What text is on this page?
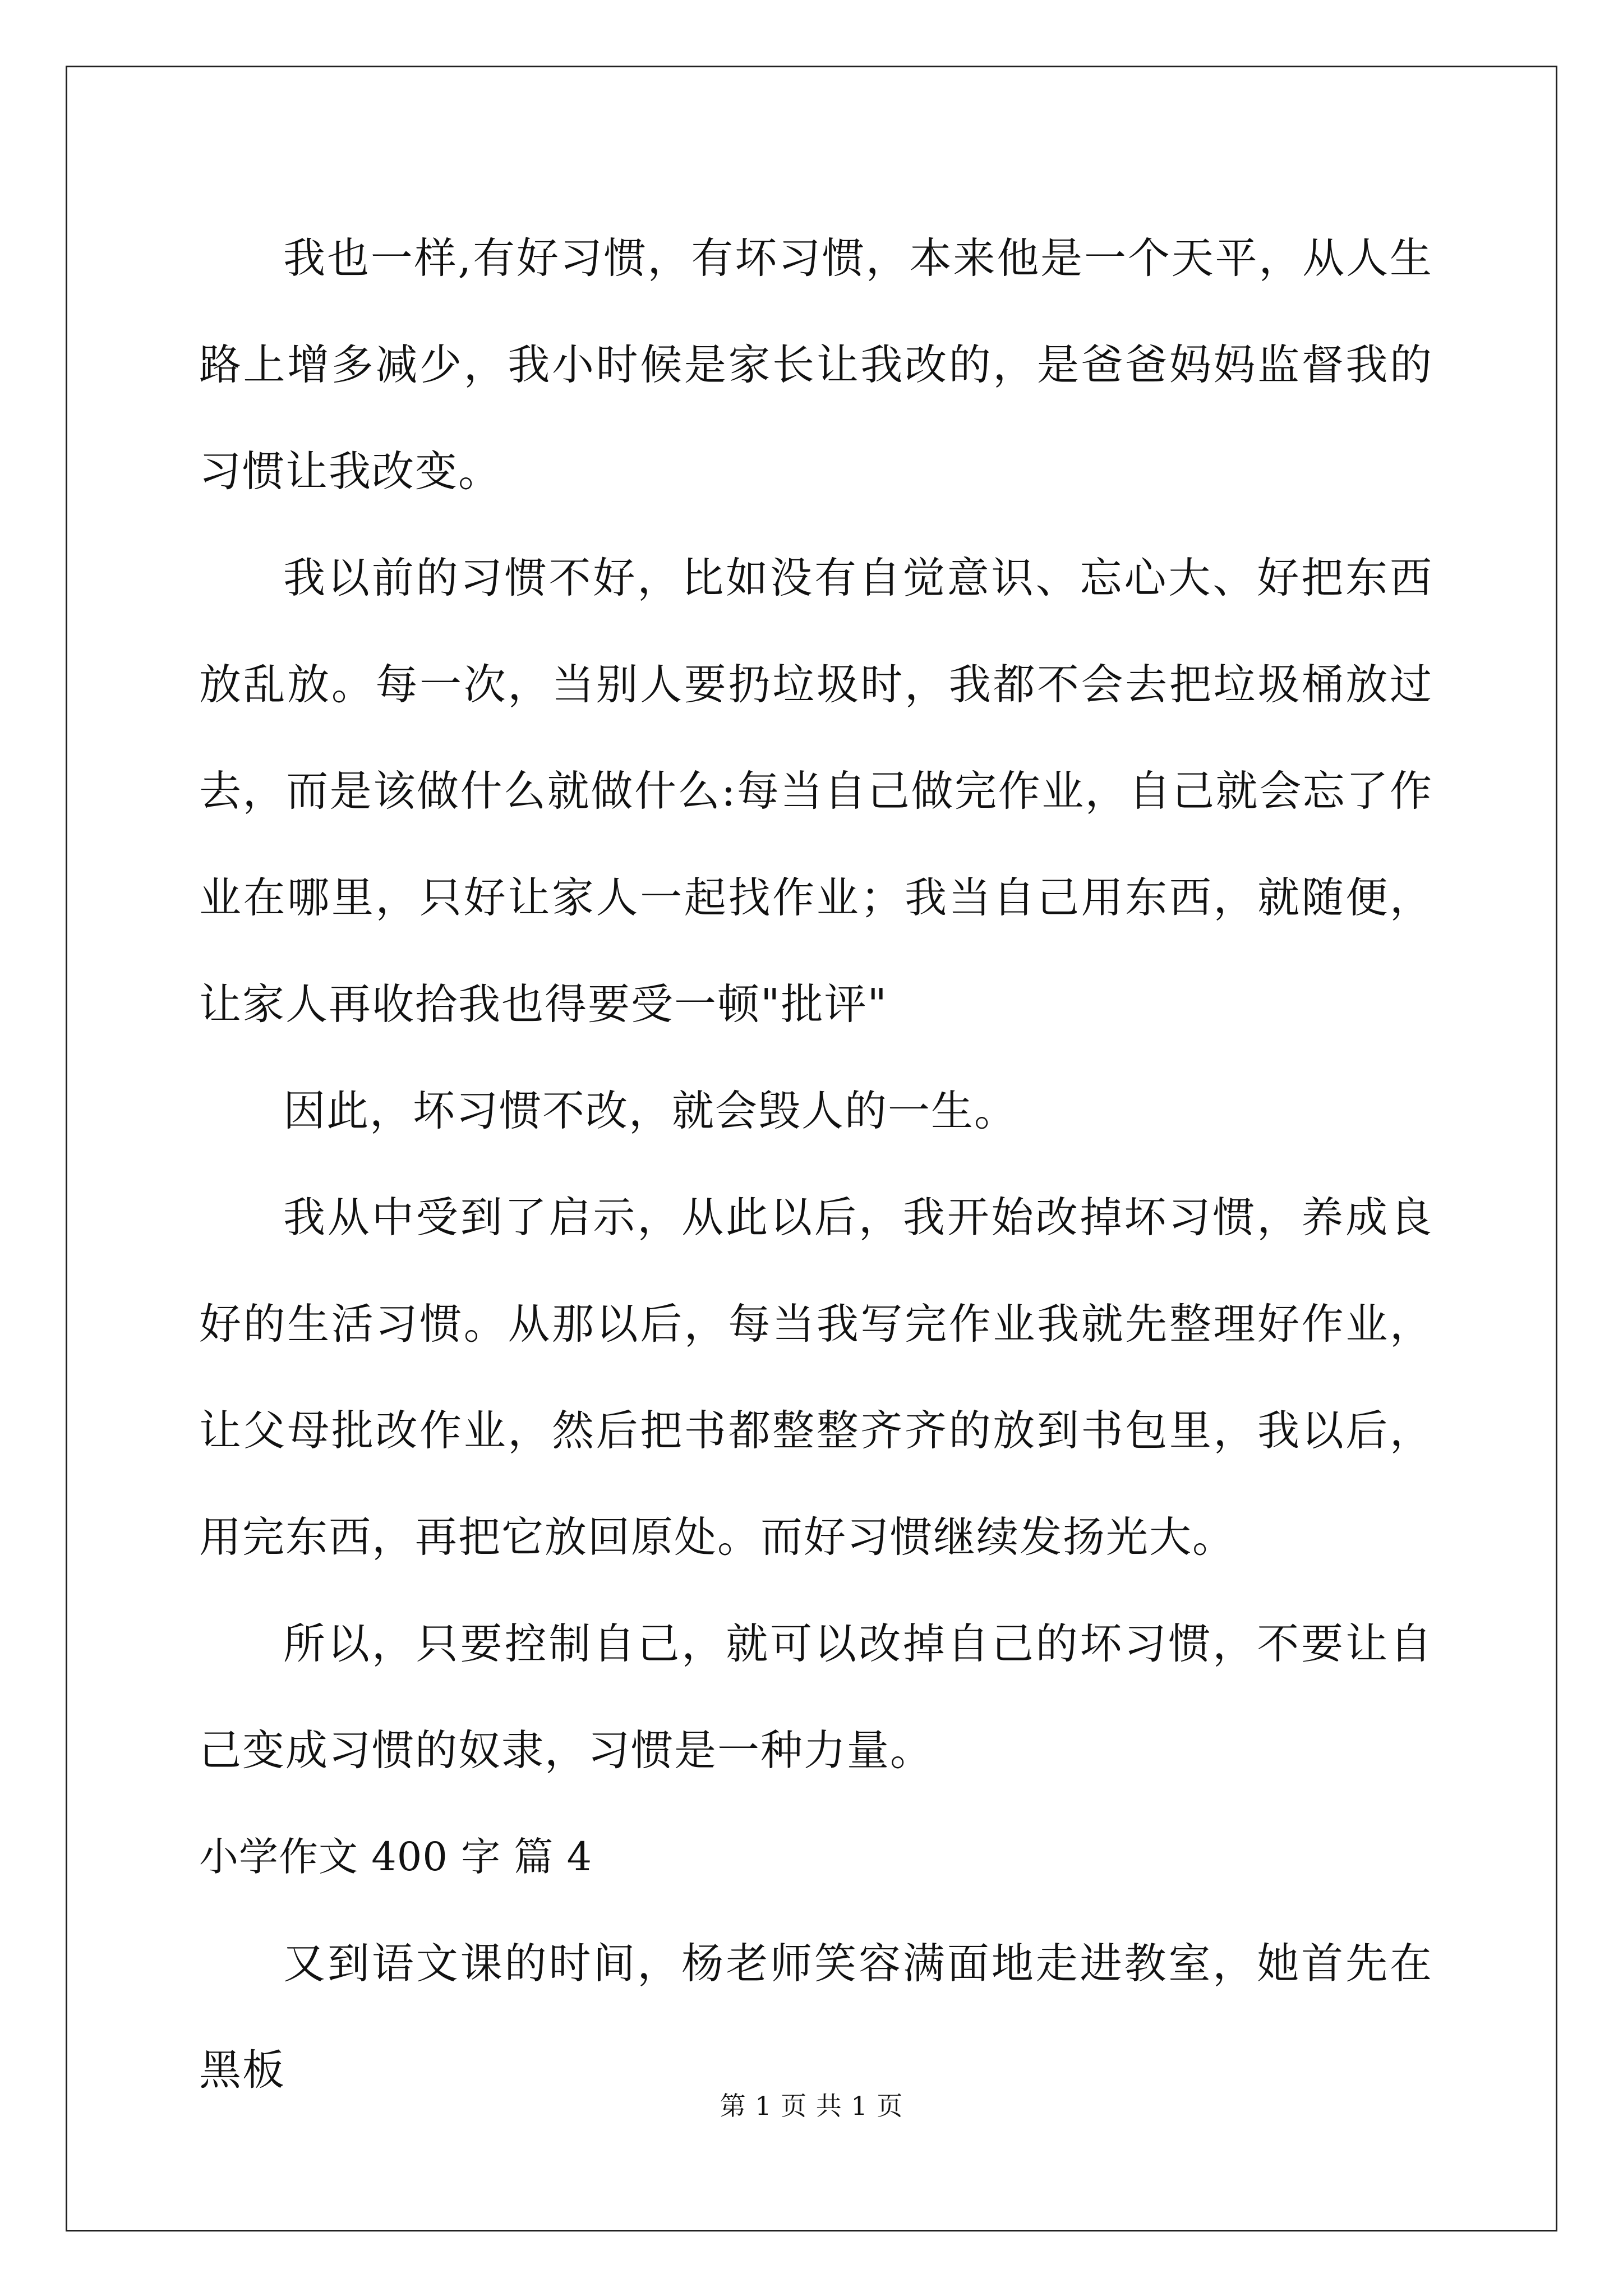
我也一样,有好习惯，有坏习惯，本来他是一个天平，从人生路上增多减少，我小时候是家长让我改的，是爸爸妈妈监督我的习惯让我改变。

我以前的习惯不好，比如没有自觉意识、忘心大、好把东西放乱放。每一次，当别人要扔垃圾时，我都不会去把垃圾桶放过去，而是该做什么就做什么:每当自己做完作业，自己就会忘了作业在哪里，只好让家人一起找作业；我当自己用东西，就随便，让家人再收拾我也得要受一顿"批评"

因此，坏习惯不改，就会毁人的一生。

我从中受到了启示，从此以后，我开始改掉坏习惯，养成良好的生活习惯。从那以后，每当我写完作业我就先整理好作业，让父母批改作业，然后把书都整整齐齐的放到书包里，我以后，用完东西，再把它放回原处。而好习惯继续发扬光大。

所以，只要控制自己，就可以改掉自己的坏习惯，不要让自己变成习惯的奴隶，习惯是一种力量。

小学作文 400 字 篇 4

又到语文课的时间，杨老师笑容满面地走进教室，她首先在黑板

第 1 页 共 1 页
